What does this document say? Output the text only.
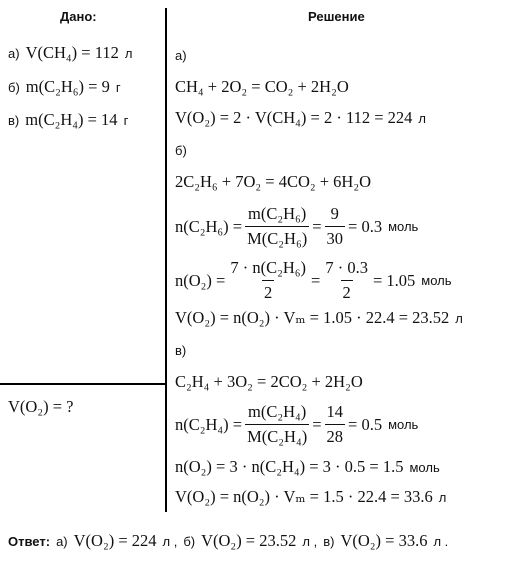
Дано:	Решение
а) V(CH₄) = 112 л
б) m(C₂H₆) = 9 г
в) m(C₂H₄) = 14 г
V(O₂) = ?
а)
CH₄ + 2O₂ = CO₂ + 2H₂O
V(O₂) = 2 · V(CH₄) = 2 · 112 = 224 л
б)
2C₂H₆ + 7O₂ = 4CO₂ + 6H₂O
$n(C_2H_6) = \frac{\text{m(C₂H₆)}}{\text{M(C₂H₆)}} = \frac{9}{30} = 0.3$ моль
$n(O_2) = \frac{\text{7 · n(C₂H₆)}}{2} = \frac{7 \cdot 0.3}{2} = 1.05$ моль
V(O₂) = n(O₂) · Vₘ = 1.05 · 22.4 = 23.52 л
в)
C₂H₄ + 3O₂ = 2CO₂ + 2H₂O
$n(C_2H_4) = \frac{\text{m(C₂H₄)}}{\text{M(C₂H₄)}} = \frac{14}{28} = 0.5$ моль
n(O₂) = 3 · n(C₂H₄) = 3 · 0.5 = 1.5 моль
V(O₂) = n(O₂) · Vₘ = 1.5 · 22.4 = 33.6 л
Ответ: а) V(O₂) = 224 л , б) V(O₂) = 23.52 л , в) V(O₂) = 33.6 л .
